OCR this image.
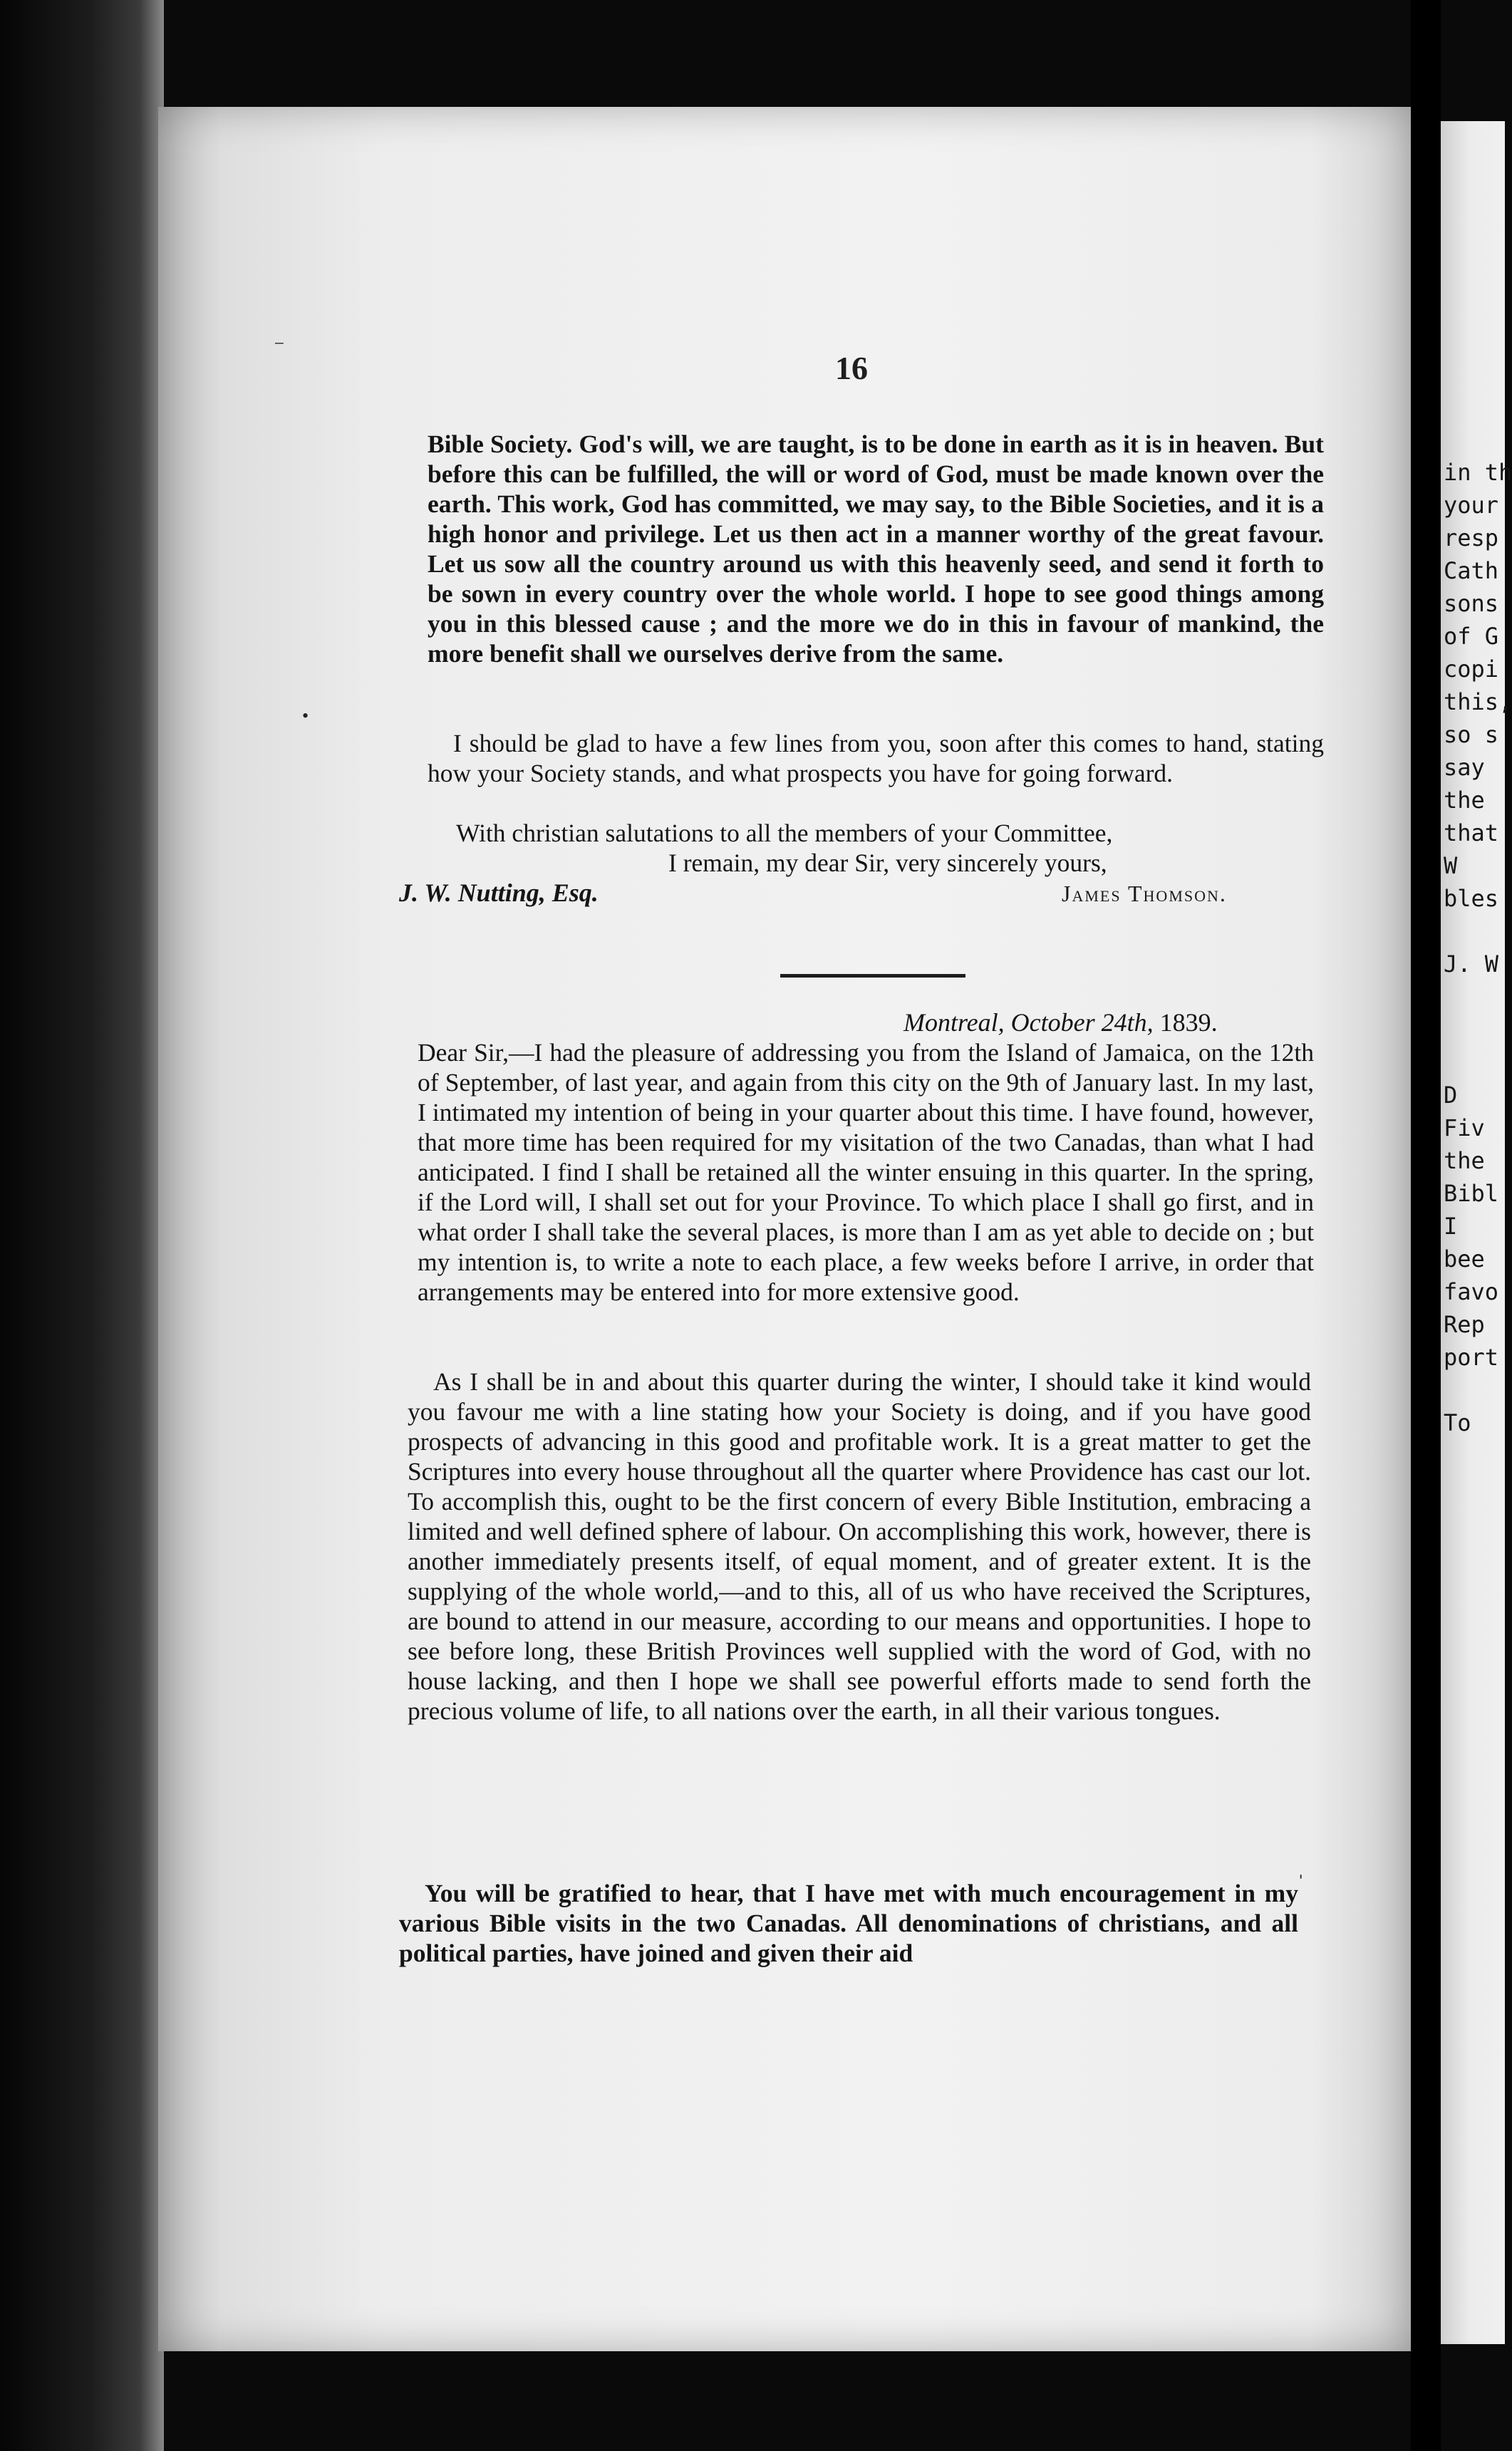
16

Bible Society. God's will, we are taught, is to be done in earth as it is in heaven. But before this can be fulfilled, the will or word of God, must be made known over the earth. This work, God has committed, we may say, to the Bible Societies, and it is a high honor and privilege. Let us then act in a manner worthy of the great favour. Let us sow all the country around us with this heavenly seed, and send it forth to be sown in every country over the whole world. I hope to see good things among you in this blessed cause ; and the more we do in this in favour of mankind, the more benefit shall we ourselves derive from the same.

I should be glad to have a few lines from you, soon after this comes to hand, stating how your Society stands, and what prospects you have for going forward.

With christian salutations to all the members of your Committee,

I remain, my dear Sir, very sincerely yours,
J. W. Nutting, Esq.	James Thomson.
Montreal, October 24th, 1839.

Dear Sir,—I had the pleasure of addressing you from the Island of Jamaica, on the 12th of September, of last year, and again from this city on the 9th of January last. In my last, I intimated my intention of being in your quarter about this time. I have found, however, that more time has been required for my visitation of the two Canadas, than what I had anticipated. I find I shall be retained all the winter ensuing in this quarter. In the spring, if the Lord will, I shall set out for your Province. To which place I shall go first, and in what order I shall take the several places, is more than I am as yet able to decide on ; but my intention is, to write a note to each place, a few weeks before I arrive, in order that arrangements may be entered into for more extensive good.

As I shall be in and about this quarter during the winter, I should take it kind would you favour me with a line stating how your Society is doing, and if you have good prospects of advancing in this good and profitable work. It is a great matter to get the Scriptures into every house throughout all the quarter where Providence has cast our lot. To accomplish this, ought to be the first concern of every Bible Institution, embracing a limited and well defined sphere of labour. On accomplishing this work, however, there is another immediately presents itself, of equal moment, and of greater extent. It is the supplying of the whole world,—and to this, all of us who have received the Scriptures, are bound to attend in our measure, according to our means and opportunities. I hope to see before long, these British Provinces well supplied with the word of God, with no house lacking, and then I hope we shall see powerful efforts made to send forth the precious volume of life, to all nations over the earth, in all their various tongues.

You will be gratified to hear, that I have met with much encouragement in my various Bible visits in the two Canadas. All denominations of christians, and all political parties, have joined and given their aid

⁻
•
ˌ
in th
your
resp
Cath
sons
of G
copi
this,
so s
say
the
that
W
bles

J. W

D
Fiv
the
Bibl
I
bee
favo
Rep
port

To
